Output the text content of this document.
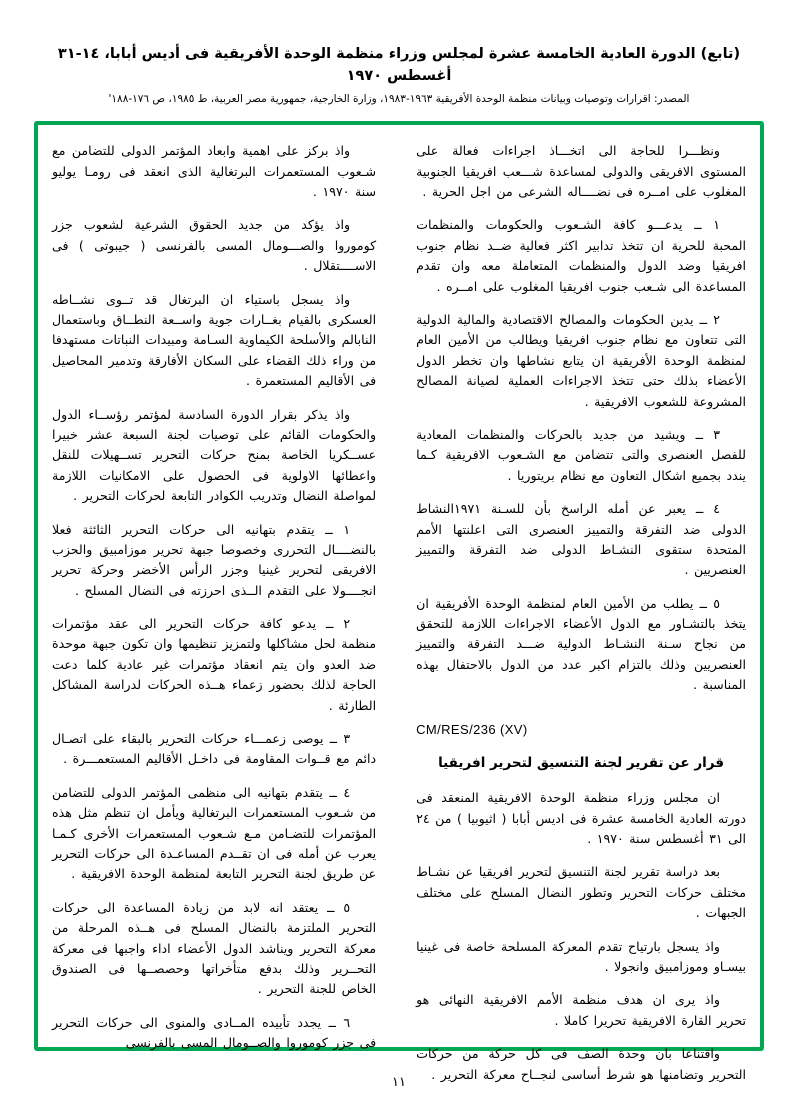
(تابع) الدورة العادية الخامسة عشرة لمجلس وزراء منظمة الوحدة الأفريقية فى أديس أبابا، ١٤-٣١ أغسطس ١٩٧٠
المصدر: اقرارات وتوصيات وبيانات منظمة الوحدة الأفريقية ١٩٦٣-١٩٨٣، وزارة الخارجية، جمهورية مصر العربية، ط ١٩٨٥، ص ١٧٦-١٨٨'

ونظـــرا للحاجة الى اتخـــاذ اجراءات فعالة على المستوى الافريقى والدولى لمساعدة شـــعب افريقيا الجنوبية المغلوب على امــره فى نضــــاله الشرعى من اجل الحرية .

١ ــ يدعـــو كافة الشـعوب والحكومات والمنظمات المحبة للحرية ان تتخذ تدابير اكثر فعالية ضــد نظام جنوب افريقيا وضد الدول والمنظمات المتعاملة معه وان تقدم المساعدة الى شـعب جنوب افريقيا المغلوب على امــره .

٢ ــ يدين الحكومات والمصالح الاقتصادية والمالية الدولية التى تتعاون مع نظام جنوب افريقيا ويطالب من الأمين العام لمنظمة الوحدة الأفريقية ان يتابع نشاطها وان تخطر الدول الأعضاء بذلك حتى تتخذ الاجراءات العملية لصيانة المصالح المشروعة للشعوب الافريقية .

٣ ــ ويشيد من جديد بالحركات والمنظمات المعادية للفصل العنصرى والتى تتضامن مع الشـعوب الافريقية كـما يندد بجميع اشكال التعاون مع نظام بريتوريا .

٤ ــ يعبر عن أمله الراسخ بأن للسـنة ١٩٧١النشاط الدولى ضد التفرقة والتمييز العنصرى التى اعلنتها الأمم المتحدة ستقوى النشـاط الدولى ضد التفرقة والتمييز العنصريين .

٥ ــ يطلب من الأمين العام لمنظمة الوحدة الأفريقية ان يتخذ بالتشـاور مع الدول الأعضاء الاجراءات اللازمة للتحقق من نجاح سـنة النشـاط الدولية ضـــد التفرقة والتمييز العنصريين وذلك بالتزام اكبر عدد من الدول بالاحتفال بهذه المناسبة .

CM/RES/236 (XV)
قرار عن تقرير لجنة التنسيق لتحرير افريقيا

ان مجلس وزراء منظمة الوحدة الافريقية المنعقد فى دورته العادية الخامسة عشرة فى اديس أبابا ( اثيوبيا ) من ٢٤ الى ٣١ أغسطس سنة ١٩٧٠ .

بعد دراسة تقرير لجنة التنسيق لتحرير افريقيا عن نشـاط مختلف حركات التحرير وتطور النضال المسلح على مختلف الجبهات .

واذ يسجل بارتياح تقدم المعركة المسلحة خاصة فى غينيا بيسـاو وموزامبيق وانجولا .

واذ يرى ان هدف منظمة الأمم الافريقية النهائى هو تحرير القارة الافريقية تحريرا كاملا .

واقتناعا بان وحدة الصف فى كل حركة من حركات التحرير وتضامنها هو شرط أساسى لنجــاح معركة التحرير .

واذ بركز على اهمية وابعاد المؤتمر الدولى للتضامن مع شـعوب المستعمرات البرتغالية الذى انعقد فى رومـا يوليو سنة ١٩٧٠ .

واذ يؤكد من جديد الحقوق الشرعية لشعوب جزر كوموروا والصـــومال المسى بالفرنسى ( جيبوتى ) فى الاســــتقلال .

واذ يسجل باستياء ان البرتغال قد تــوى نشــاطه العسكرى بالقيام بغــارات جوية واســعة النطــاق وباستعمال النابالم والأسلحة الكيماوية السـامة ومبيدات النباتات مستهدفا من وراء ذلك القضاء على السكان الأفارقة وتدمير المحاصيل فى الأقاليم المستعمرة .

واذ يذكر بقرار الدورة السادسة لمؤتمر رؤســاء الدول والحكومات القائم على توصيات لجنة السبعة عشر خبيرا عســكريا الخاصة بمنح حركات التحرير تســهيلات للنقل واعطائها الاولوية فى الحصول على الامكانيات اللازمة لمواصلة النضال وتدريب الكوادر التابعة لحركات التحرير .

١ ــ يتقدم بتهانيه الى حركات التحرير الثائثة فعلا بالنضــــال التحررى وخصوصا جبهة تحرير موزامبيق والحزب الافريقى لتحرير غينيا وجزر الرأس الأخضر وحركة تحرير انجــــولا على التقدم الــذى احرزته فى النضال المسلح .

٢ ــ يدعو كافة حركات التحرير الى عقد مؤتمرات منظمة لحل مشاكلها ولتمزيز تنظيمها وان تكون جبهة موحدة ضد العدو وان يتم انعقاد مؤتمرات غير عادية كلما دعت الحاجة لذلك بحضور زعماء هــذه الحركات لدراسة المشاكل الطارئة .

٣ ــ يوصى زعمـــاء حركات التحرير بالبقاء على اتصـال دائم مع قــوات المقاومة فى داخـل الأقاليم المستعمـــرة .

٤ ــ يتقدم بتهانيه الى منظمى المؤتمر الدولى للتضامن من شـعوب المستعمرات البرتغالية ويأمل ان تنظم مثل هذه المؤتمرات للتضـامن مـع شـعوب المستعمرات الأخرى كـمـا يعرب عن أمله فى ان تقــدم المساعـدة الى حركات التحرير عن طريق لجنة التحرير التابعة لمنظمة الوحدة الافريقية .

٥ ــ يعتقد انه لابد من زيادة المساعدة الى حركات التحرير الملتزمة بالنضال المسلح فى هــذه المرحلة من معركة التحرير ويناشد الدول الأعضاء اداء واجبها فى معركة التحــرير وذلك بدفع متأخراتها وحصصــها فى الصندوق الخاص للجنة التحرير .

٦ ــ يجدد تأييده المــادى والمنوى الى حركات التحرير فى جزر كوموروا والصــومال المسى بالفرنسى

١١
